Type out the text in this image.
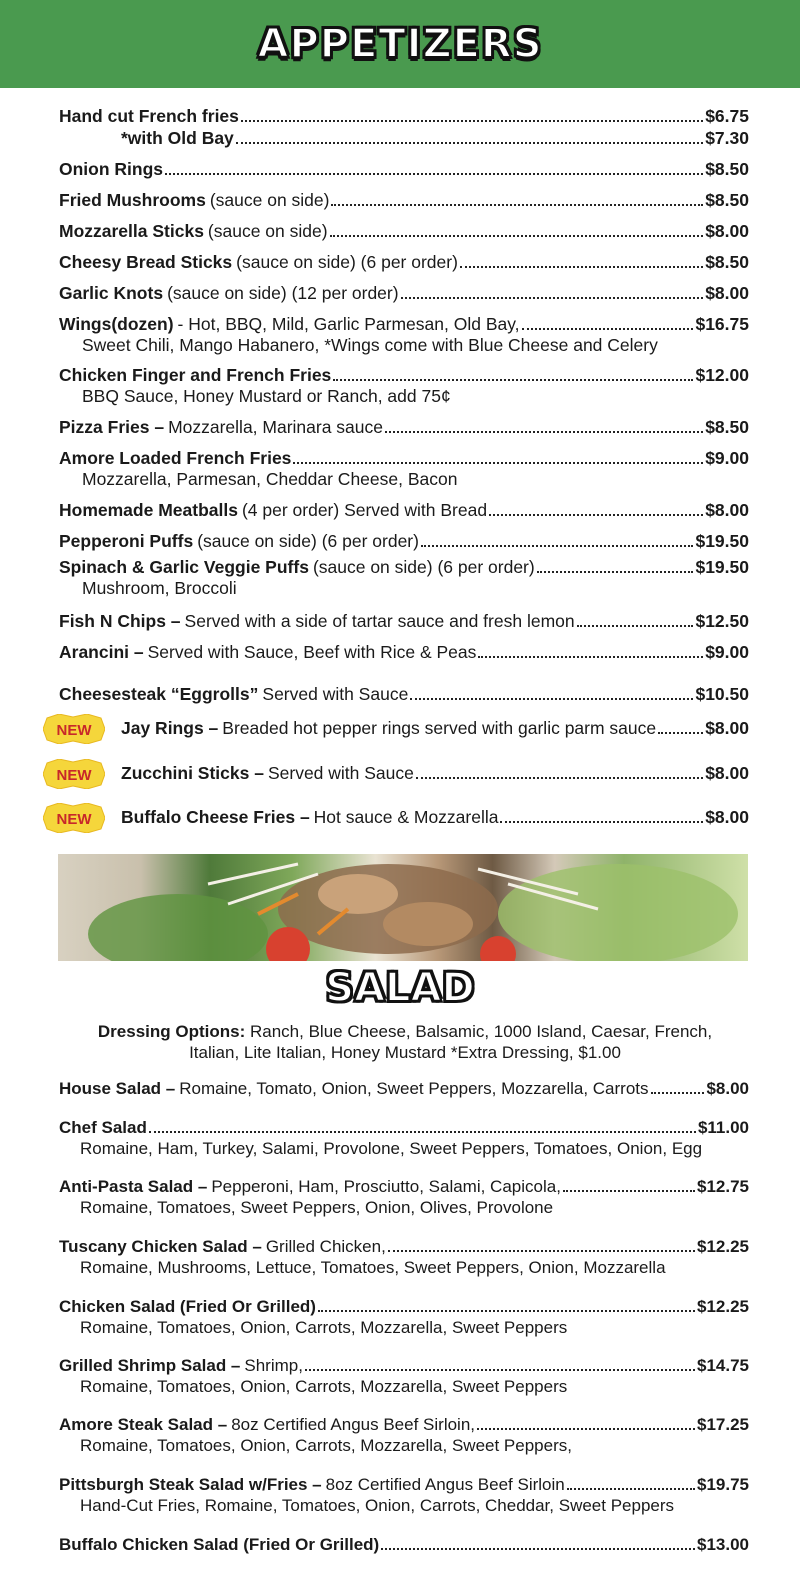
APPETIZERS
Hand cut French fries	$6.75
*with Old Bay	$7.30
Onion Rings	$8.50
Fried Mushrooms (sauce on side)	$8.50
Mozzarella Sticks (sauce on side)	$8.00
Cheesy Bread Sticks (sauce on side) (6 per order)	$8.50
Garlic Knots (sauce on side) (12 per order)	$8.00
Wings(dozen) - Hot, BBQ, Mild, Garlic Parmesan, Old Bay,	$16.75
Sweet Chili, Mango Habanero, *Wings come with Blue Cheese and Celery
Chicken Finger and French Fries	$12.00
BBQ Sauce, Honey Mustard or Ranch, add 75¢
Pizza Fries – Mozzarella, Marinara sauce	$8.50
Amore Loaded French Fries	$9.00
Mozzarella, Parmesan, Cheddar Cheese, Bacon
Homemade Meatballs (4 per order) Served with Bread	$8.00
Pepperoni Puffs (sauce on side) (6 per order)	$19.50
Spinach & Garlic Veggie Puffs (sauce on side) (6 per order)	$19.50
Mushroom, Broccoli
Fish N Chips – Served with a side of tartar sauce and fresh lemon	$12.50
Arancini – Served with Sauce, Beef with Rice & Peas	$9.00
Cheesesteak “Eggrolls” Served with Sauce	$10.50
NEW Jay Rings – Breaded hot pepper rings served with garlic parm sauce	$8.00
NEW Zucchini Sticks – Served with Sauce	$8.00
NEW Buffalo Cheese Fries – Hot sauce & Mozzarella	$8.00
SALAD
Dressing Options: Ranch, Blue Cheese, Balsamic, 1000 Island, Caesar, French,
Italian, Lite Italian, Honey Mustard *Extra Dressing, $1.00
House Salad – Romaine, Tomato, Onion, Sweet Peppers, Mozzarella, Carrots	$8.00
Chef Salad	$11.00
Romaine, Ham, Turkey, Salami, Provolone, Sweet Peppers, Tomatoes, Onion, Egg
Anti-Pasta Salad – Pepperoni, Ham, Prosciutto, Salami, Capicola,	$12.75
Romaine, Tomatoes, Sweet Peppers, Onion, Olives, Provolone
Tuscany Chicken Salad – Grilled Chicken,	$12.25
Romaine, Mushrooms, Lettuce, Tomatoes, Sweet Peppers, Onion, Mozzarella
Chicken Salad (Fried Or Grilled)	$12.25
Romaine, Tomatoes, Onion, Carrots, Mozzarella, Sweet Peppers
Grilled Shrimp Salad – Shrimp,	$14.75
Romaine, Tomatoes, Onion, Carrots, Mozzarella, Sweet Peppers
Amore Steak Salad – 8oz Certified Angus Beef Sirloin,	$17.25
Romaine, Tomatoes, Onion, Carrots, Mozzarella, Sweet Peppers,
Pittsburgh Steak Salad w/Fries – 8oz Certified Angus Beef Sirloin	$19.75
Hand-Cut Fries, Romaine, Tomatoes, Onion, Carrots, Cheddar, Sweet Peppers
Buffalo Chicken Salad (Fried Or Grilled)	$13.00
